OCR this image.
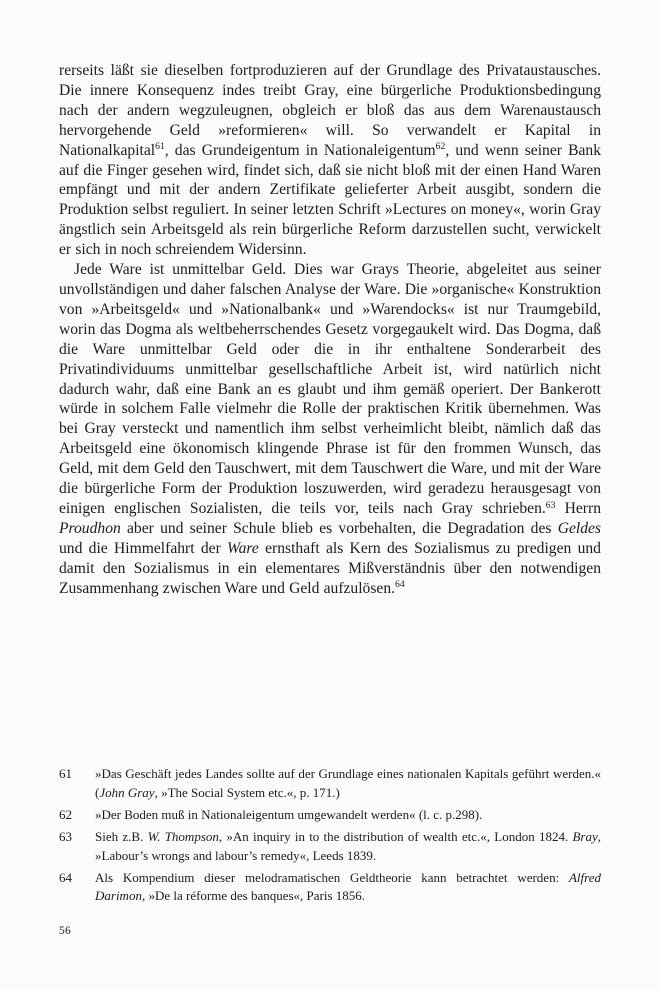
rerseits läßt sie dieselben fortproduzieren auf der Grundlage des Privataustausches. Die innere Konsequenz indes treibt Gray, eine bürgerliche Produktionsbedingung nach der andern wegzuleugnen, obgleich er bloß das aus dem Warenaustausch hervorgehende Geld »reformieren« will. So verwandelt er Kapital in Nationalkapital$^{61}$, das Grundeigentum in Nationaleigentum$^{62}$, und wenn seiner Bank auf die Finger gesehen wird, findet sich, daß sie nicht bloß mit der einen Hand Waren empfängt und mit der andern Zertifikate gelieferter Arbeit ausgibt, sondern die Produktion selbst reguliert. In seiner letzten Schrift »Lectures on money«, worin Gray ängstlich sein Arbeitsgeld als rein bürgerliche Reform darzustellen sucht, verwickelt er sich in noch schreiendem Widersinn.

Jede Ware ist unmittelbar Geld. Dies war Grays Theorie, abgeleitet aus seiner unvollständigen und daher falschen Analyse der Ware. Die »organische« Konstruktion von »Arbeitsgeld« und »Nationalbank« und »Warendocks« ist nur Traumgebild, worin das Dogma als weltbeherrschendes Gesetz vorgegaukelt wird. Das Dogma, daß die Ware unmittelbar Geld oder die in ihr enthaltene Sonderarbeit des Privatindividuums unmittelbar gesellschaftliche Arbeit ist, wird natürlich nicht dadurch wahr, daß eine Bank an es glaubt und ihm gemäß operiert. Der Bankerott würde in solchem Falle vielmehr die Rolle der praktischen Kritik übernehmen. Was bei Gray versteckt und namentlich ihm selbst verheimlicht bleibt, nämlich daß das Arbeitsgeld eine ökonomisch klingende Phrase ist für den frommen Wunsch, das Geld, mit dem Geld den Tauschwert, mit dem Tauschwert die Ware, und mit der Ware die bürgerliche Form der Produktion loszuwerden, wird geradezu herausgesagt von einigen englischen Sozialisten, die teils vor, teils nach Gray schrieben.$^{63}$ Herrn Proudhon aber und seiner Schule blieb es vorbehalten, die Degradation des Geldes und die Himmelfahrt der Ware ernsthaft als Kern des Sozialismus zu predigen und damit den Sozialismus in ein elementares Mißverständnis über den notwendigen Zusammenhang zwischen Ware und Geld aufzulösen.$^{64}$

61	»Das Geschäft jedes Landes sollte auf der Grundlage eines nationalen Kapitals geführt werden.« (John Gray, »The Social System etc.«, p. 171.)
62	»Der Boden muß in Nationaleigentum umgewandelt werden« (l. c. p.298).
63	Sieh z.B. W. Thompson, »An inquiry in to the distribution of wealth etc.«, London 1824. Bray, »Labour’s wrongs and labour’s remedy«, Leeds 1839.
64	Als Kompendium dieser melodramatischen Geldtheorie kann betrachtet werden: Alfred Darimon, »De la réforme des banques«, Paris 1856.
56
